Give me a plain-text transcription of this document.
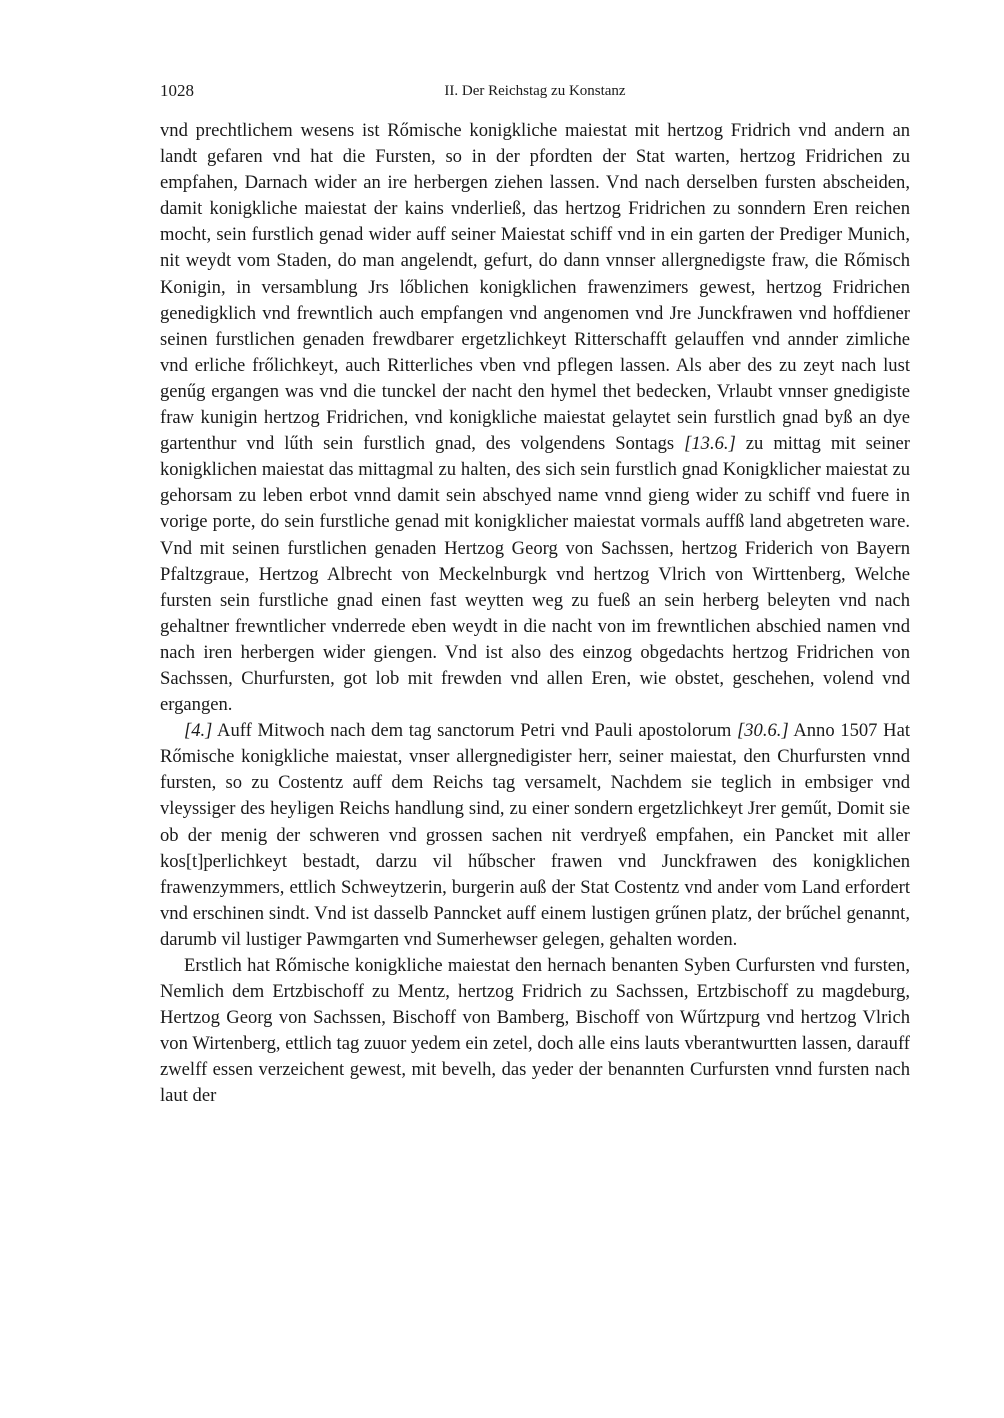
1028	II. Der Reichstag zu Konstanz

vnd prechtlichem wesens ist Rőmische konigkliche maiestat mit hertzog Fridrich vnd andern an landt gefaren vnd hat die Fursten, so in der pfordten der Stat warten, hertzog Fridrichen zu empfahen, Darnach wider an ire herbergen ziehen lassen. Vnd nach derselben fursten abscheiden, damit konigkliche maiestat der kains vnderließ, das hertzog Fridrichen zu sonndern Eren reichen mocht, sein furstlich genad wider auff seiner Maiestat schiff vnd in ein garten der Prediger Munich, nit weydt vom Staden, do man angelendt, gefurt, do dann vnnser allergnedigste fraw, die Rőmisch Konigin, in versamblung Jrs lőblichen konigklichen frawenzimers gewest, hertzog Fridrichen genedigklich vnd frewntlich auch empfangen vnd angenomen vnd Jre Junckfrawen vnd hoffdiener seinen furstlichen genaden frewdbarer ergetzlichkeyt Ritterschafft gelauffen vnd annder zimliche vnd erliche frőlichkeyt, auch Ritterliches vben vnd pflegen lassen. Als aber des zu zeyt nach lust genűg ergangen was vnd die tunckel der nacht den hymel thet bedecken, Vrlaubt vnnser gnedigiste fraw kunigin hertzog Fridrichen, vnd konigkliche maiestat gelaytet sein furstlich gnad byß an dye gartenthur vnd lűth sein furstlich gnad, des volgendens Sontags [13.6.] zu mittag mit seiner konigklichen maiestat das mittagmal zu halten, des sich sein furstlich gnad Konigklicher maiestat zu gehorsam zu leben erbot vnnd damit sein abschyed name vnnd gieng wider zu schiff vnd fuere in vorige porte, do sein furstliche genad mit konigklicher maiestat vormals auffß land abgetreten ware. Vnd mit seinen furstlichen genaden Hertzog Georg von Sachssen, hertzog Friderich von Bayern Pfaltzgraue, Hertzog Albrecht von Meckelnburgk vnd hertzog Vlrich von Wirttenberg, Welche fursten sein furstliche gnad einen fast weytten weg zu fueß an sein herberg beleyten vnd nach gehaltner frewntlicher vnderrede eben weydt in die nacht von im frewntlichen abschied namen vnd nach iren herbergen wider giengen. Vnd ist also des einzog obgedachts hertzog Fridrichen von Sachssen, Churfursten, got lob mit frewden vnd allen Eren, wie obstet, geschehen, volend vnd ergangen.

[4.] Auff Mitwoch nach dem tag sanctorum Petri vnd Pauli apostolorum [30.6.] Anno 1507 Hat Rőmische konigkliche maiestat, vnser allergnedigister herr, seiner maiestat, den Churfursten vnnd fursten, so zu Costentz auff dem Reichs tag versamelt, Nachdem sie teglich in embsiger vnd vleyssiger des heyligen Reichs handlung sind, zu einer sondern ergetzlichkeyt Jrer geműt, Domit sie ob der menig der schweren vnd grossen sachen nit verdryeß empfahen, ein Pancket mit aller kos[t]perlichkeyt bestadt, darzu vil hűbscher frawen vnd Junckfrawen des konigklichen frawenzymmers, ettlich Schweytzerin, burgerin auß der Stat Costentz vnd ander vom Land erfordert vnd erschinen sindt. Vnd ist dasselb Panncket auff einem lustigen grűnen platz, der brűchel genannt, darumb vil lustiger Pawmgarten vnd Sumerhewser gelegen, gehalten worden.

Erstlich hat Rőmische konigkliche maiestat den hernach benanten Syben Curfursten vnd fursten, Nemlich dem Ertzbischoff zu Mentz, hertzog Fridrich zu Sachssen, Ertzbischoff zu magdeburg, Hertzog Georg von Sachssen, Bischoff von Bamberg, Bischoff von Wűrtzpurg vnd hertzog Vlrich von Wirtenberg, ettlich tag zuuor yedem ein zetel, doch alle eins lauts vberantwurtten lassen, darauff zwelff essen verzeichent gewest, mit bevelh, das yeder der benannten Curfursten vnnd fursten nach laut der
